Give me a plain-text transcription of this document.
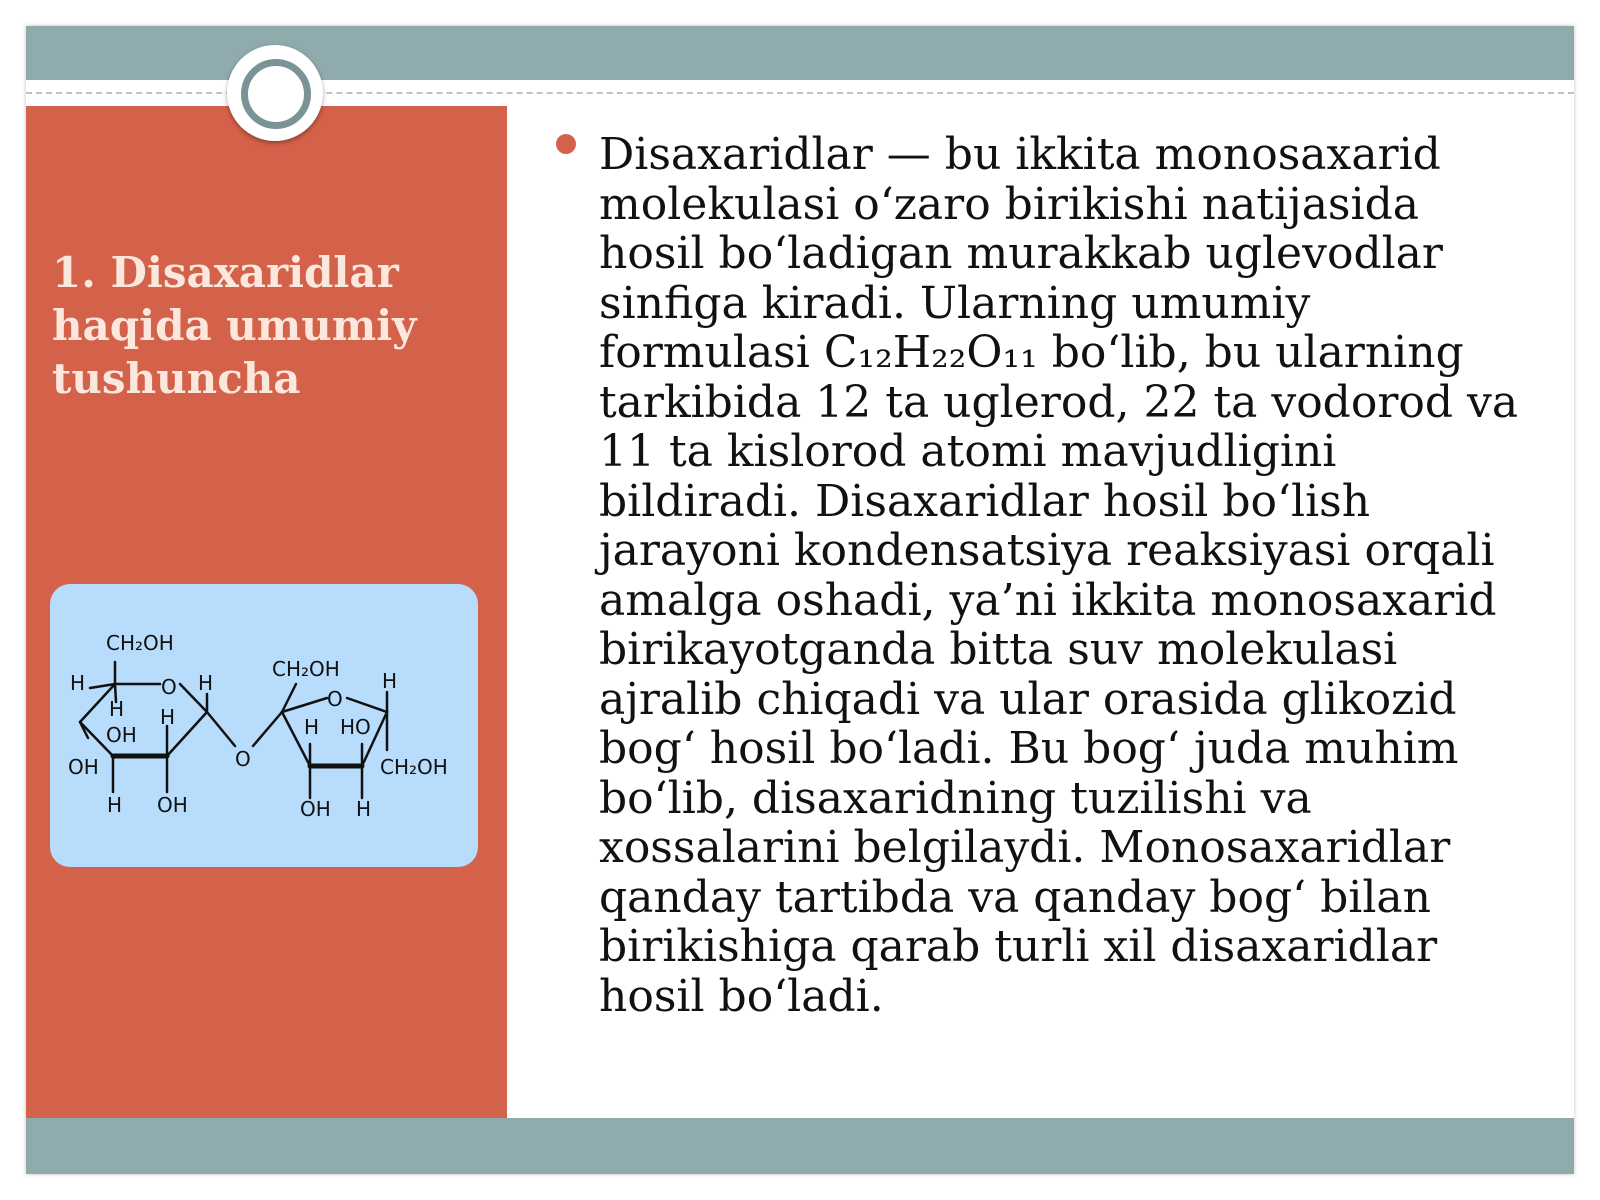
1. Disaxaridlar haqida umumiy tushuncha
CH₂OH
H	O H
H H
OH
OH
H OH
O
CH₂OH
O
H
H HO
CH₂OH
OH H

Disaxaridlar — bu ikkita monosaxarid
molekulasi o‘zaro birikishi natijasida
hosil bo‘ladigan murakkab uglevodlar
sinfiga kiradi. Ularning umumiy
formulasi C₁₂H₂₂O₁₁ bo‘lib, bu ularning
tarkibida 12 ta uglerod, 22 ta vodorod va
11 ta kislorod atomi mavjudligini
bildiradi. Disaxaridlar hosil bo‘lish
jarayoni kondensatsiya reaksiyasi orqali
amalga oshadi, ya’ni ikkita monosaxarid
birikayotganda bitta suv molekulasi
ajralib chiqadi va ular orasida glikozid
bog‘ hosil bo‘ladi. Bu bog‘ juda muhim
bo‘lib, disaxaridning tuzilishi va
xossalarini belgilaydi. Monosaxaridlar
qanday tartibda va qanday bog‘ bilan
birikishiga qarab turli xil disaxaridlar
hosil bo‘ladi.
